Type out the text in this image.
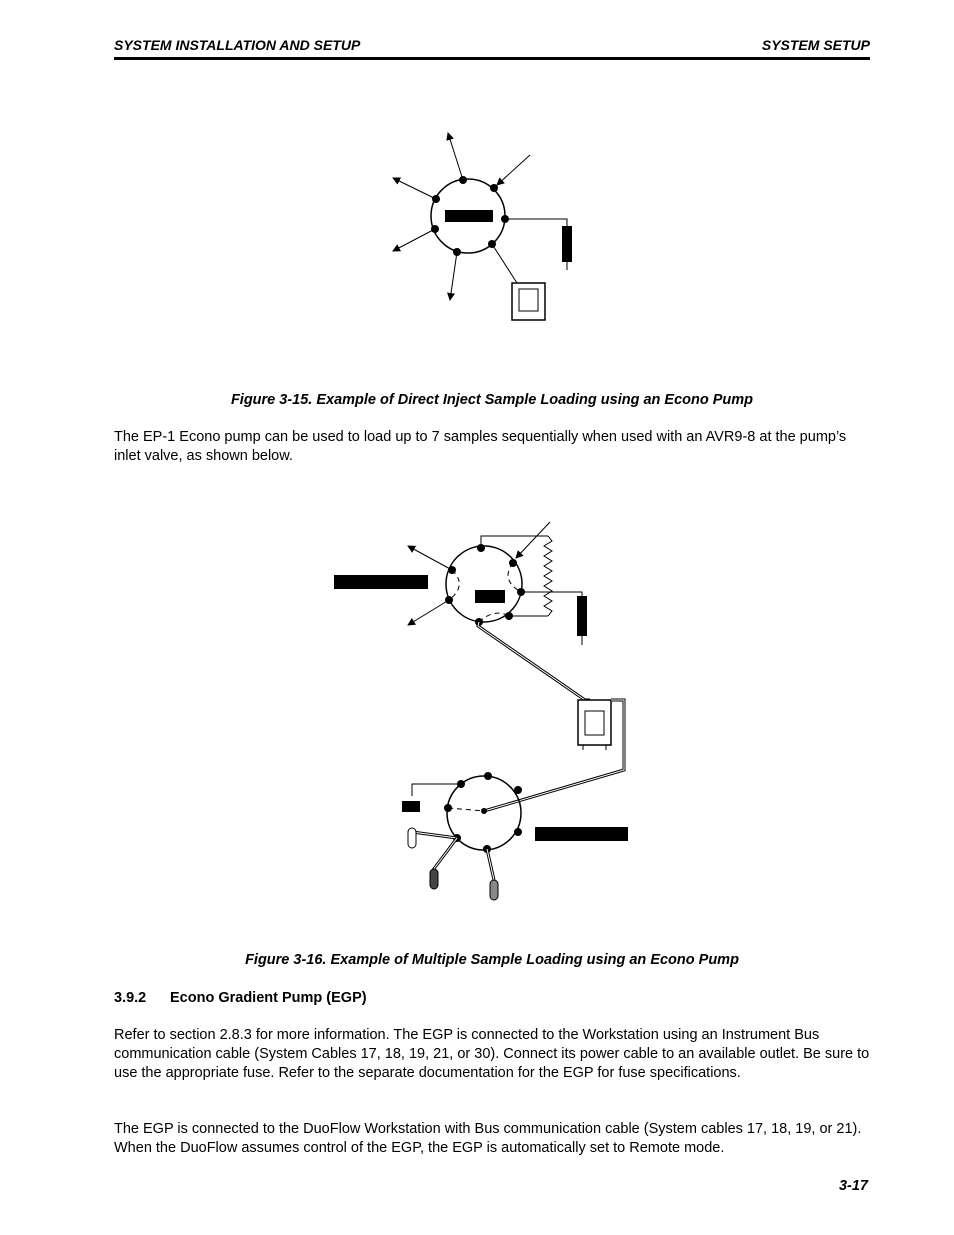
SYSTEM INSTALLATION AND SETUP	SYSTEM SETUP
Figure 3-15. Example of Direct Inject Sample Loading using an Econo Pump
The EP-1 Econo pump can be used to load up to 7 samples sequentially when used with an AVR9-8 at the pump’s inlet valve, as shown below.
Figure 3-16. Example of Multiple Sample Loading using an Econo Pump
3.9.2 Econo Gradient Pump (EGP)
Refer to section 2.8.3 for more information. The EGP is connected to the Workstation using an Instrument Bus communication cable (System Cables 17, 18, 19, 21, or 30). Connect its power cable to an available outlet. Be sure to use the appropriate fuse. Refer to the separate documentation for the EGP for fuse specifications.
The EGP is connected to the DuoFlow Workstation with Bus communication cable (System cables 17, 18, 19, or 21). When the DuoFlow assumes control of the EGP, the EGP is automatically set to Remote mode.
3-17
